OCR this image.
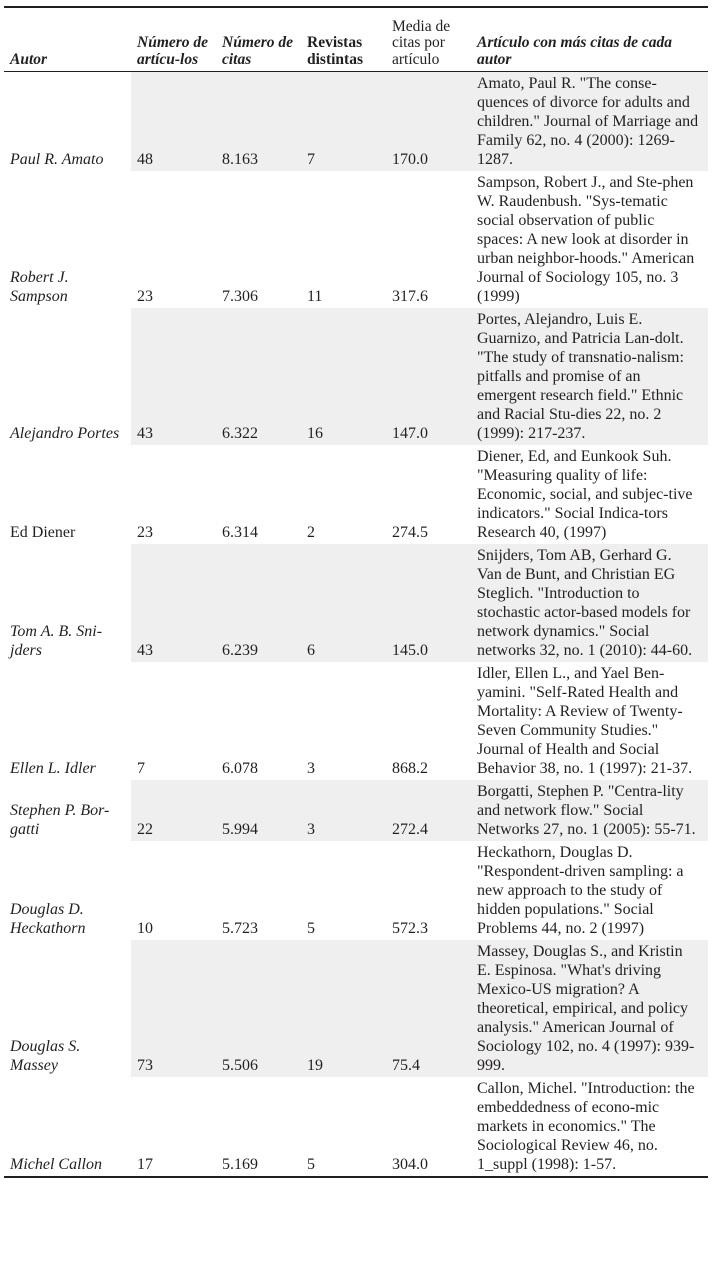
Autor	Número de artícu-los	Número de citas	Revistas distintas	Media de citas por artículo	Artículo con más citas de cada autor
Paul R. Amato	48	8.163	7	170.0	Amato, Paul R. "The conse-quences of divorce for adults and children." Journal of Marriage and Family 62, no. 4 (2000): 1269-1287.
Robert J. Sampson	23	7.306	11	317.6	Sampson, Robert J., and Ste-phen W. Raudenbush. "Sys-tematic social observation of public spaces: A new look at disorder in urban neighbor-hoods." American Journal of Sociology 105, no. 3 (1999)
Alejandro Portes	43	6.322	16	147.0	Portes, Alejandro, Luis E. Guarnizo, and Patricia Lan-dolt. "The study of transnatio-nalism: pitfalls and promise of an emergent research field." Ethnic and Racial Stu-dies 22, no. 2 (1999): 217-237.
Ed Diener	23	6.314	2	274.5	Diener, Ed, and Eunkook Suh. "Measuring quality of life: Economic, social, and subjec-tive indicators." Social Indica-tors Research 40, (1997)
Tom A. B. Sni-jders	43	6.239	6	145.0	Snijders, Tom AB, Gerhard G. Van de Bunt, and Christian EG Steglich. "Introduction to stochastic actor-based models for network dynamics." Social networks 32, no. 1 (2010): 44-60.
Ellen L. Idler	7	6.078	3	868.2	Idler, Ellen L., and Yael Ben-yamini. "Self-Rated Health and Mortality: A Review of Twenty-Seven Community Studies." Journal of Health and Social Behavior 38, no. 1 (1997): 21-37.
Stephen P. Bor-gatti	22	5.994	3	272.4	Borgatti, Stephen P. "Centra-lity and network flow." Social Networks 27, no. 1 (2005): 55-71.
Douglas D. Heckathorn	10	5.723	5	572.3	Heckathorn, Douglas D. "Respondent-driven sampling: a new approach to the study of hidden populations." Social Problems 44, no. 2 (1997)
Douglas S. Massey	73	5.506	19	75.4	Massey, Douglas S., and Kristin E. Espinosa. "What's driving Mexico-US migration? A theoretical, empirical, and policy analysis." American Journal of Sociology 102, no. 4 (1997): 939-999.
Michel Callon	17	5.169	5	304.0	Callon, Michel. "Introduction: the embeddedness of econo-mic markets in economics." The Sociological Review 46, no. 1_suppl (1998): 1-57.
